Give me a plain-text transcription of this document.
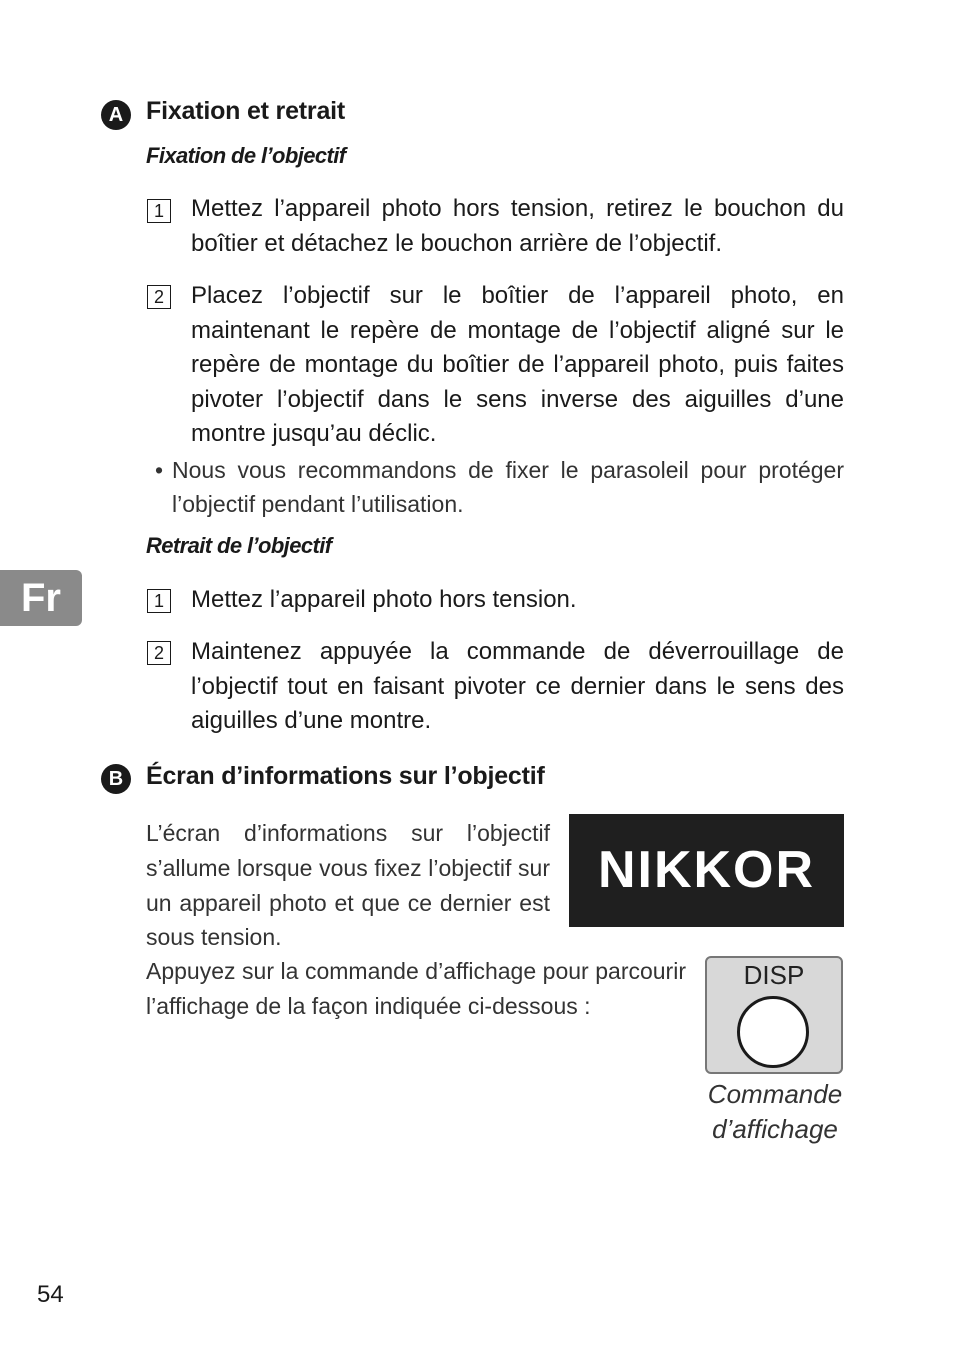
A Fixation et retrait
Fixation de l’objectif
1 Mettez l’appareil photo hors tension, retirez le bouchon du boîtier et détachez le bouchon arrière de l’objectif.
2 Placez l’objectif sur le boîtier de l’appareil photo, en maintenant le repère de montage de l’objectif aligné sur le repère de montage du boîtier de l’appareil photo, puis faites pivoter l’objectif dans le sens inverse des aiguilles d’une montre jusqu’au déclic.
• Nous vous recommandons de fixer le parasoleil pour protéger l’objectif pendant l’utilisation.
Retrait de l’objectif
1 Mettez l’appareil photo hors tension.
2 Maintenez appuyée la commande de déverrouillage de l’objectif tout en faisant pivoter ce dernier dans le sens des aiguilles d’une montre.
Fr
B Écran d’informations sur l’objectif
L’écran d’informations sur l’objectif s’allume lorsque vous fixez l’objectif sur un appareil photo et que ce dernier est sous tension.
NIKKOR
Appuyez sur la commande d’affichage pour parcourir l’affichage de la façon indiquée ci-dessous :
DISP
Commande
d’affichage
54
